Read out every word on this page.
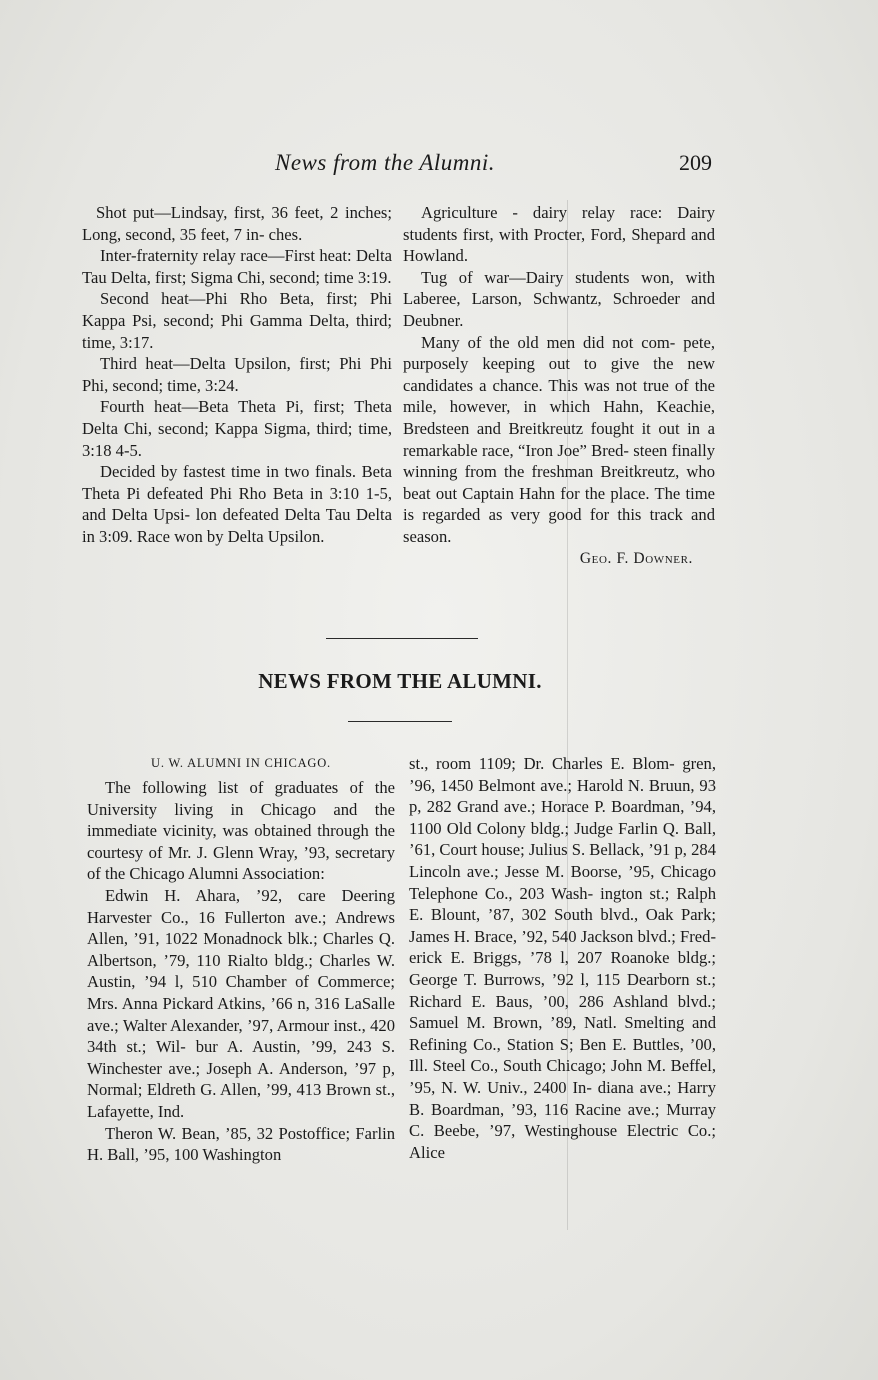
News from the Alumni.	209

Shot put—Lindsay, first, 36 feet, 2 inches; Long, second, 35 feet, 7 in- ches.

Inter-fraternity relay race—First heat: Delta Tau Delta, first; Sigma Chi, second; time 3:19.

Second heat—Phi Rho Beta, first; Phi Kappa Psi, second; Phi Gamma Delta, third; time, 3:17.

Third heat—Delta Upsilon, first; Phi Phi Phi, second; time, 3:24.

Fourth heat—Beta Theta Pi, first; Theta Delta Chi, second; Kappa Sigma, third; time, 3:18 4-5.

Decided by fastest time in two finals. Beta Theta Pi defeated Phi Rho Beta in 3:10 1-5, and Delta Upsi- lon defeated Delta Tau Delta in 3:09. Race won by Delta Upsilon.

Agriculture - dairy relay race: Dairy students first, with Procter, Ford, Shepard and Howland.

Tug of war—Dairy students won, with Laberee, Larson, Schwantz, Schroeder and Deubner.

Many of the old men did not com- pete, purposely keeping out to give the new candidates a chance. This was not true of the mile, however, in which Hahn, Keachie, Bredsteen and Breitkreutz fought it out in a remarkable race, “Iron Joe” Bred- steen finally winning from the freshman Breitkreutz, who beat out Captain Hahn for the place. The time is regarded as very good for this track and season.

Geo. F. Downer.

NEWS FROM THE ALUMNI.

U. W. ALUMNI IN CHICAGO.

The following list of graduates of the University living in Chicago and the immediate vicinity, was obtained through the courtesy of Mr. J. Glenn Wray, ’93, secretary of the Chicago Alumni Association:

Edwin H. Ahara, ’92, care Deering Harvester Co., 16 Fullerton ave.; Andrews Allen, ’91, 1022 Monadnock blk.; Charles Q. Albertson, ’79, 110 Rialto bldg.; Charles W. Austin, ’94 l, 510 Chamber of Commerce; Mrs. Anna Pickard Atkins, ’66 n, 316 LaSalle ave.; Walter Alexander, ’97, Armour inst., 420 34th st.; Wil- bur A. Austin, ’99, 243 S. Winchester ave.; Joseph A. Anderson, ’97 p, Normal; Eldreth G. Allen, ’99, 413 Brown st., Lafayette, Ind.

Theron W. Bean, ’85, 32 Postoffice; Farlin H. Ball, ’95, 100 Washington

st., room 1109; Dr. Charles E. Blom- gren, ’96, 1450 Belmont ave.; Harold N. Bruun, 93 p, 282 Grand ave.; Horace P. Boardman, ’94, 1100 Old Colony bldg.; Judge Farlin Q. Ball, ’61, Court house; Julius S. Bellack, ’91 p, 284 Lincoln ave.; Jesse M. Boorse, ’95, Chicago Telephone Co., 203 Wash- ington st.; Ralph E. Blount, ’87, 302 South blvd., Oak Park; James H. Brace, ’92, 540 Jackson blvd.; Fred- erick E. Briggs, ’78 l, 207 Roanoke bldg.; George T. Burrows, ’92 l, 115 Dearborn st.; Richard E. Baus, ’00, 286 Ashland blvd.; Samuel M. Brown, ’89, Natl. Smelting and Refining Co., Station S; Ben E. Buttles, ’00, Ill. Steel Co., South Chicago; John M. Beffel, ’95, N. W. Univ., 2400 In- diana ave.; Harry B. Boardman, ’93, 116 Racine ave.; Murray C. Beebe, ’97, Westinghouse Electric Co.; Alice
